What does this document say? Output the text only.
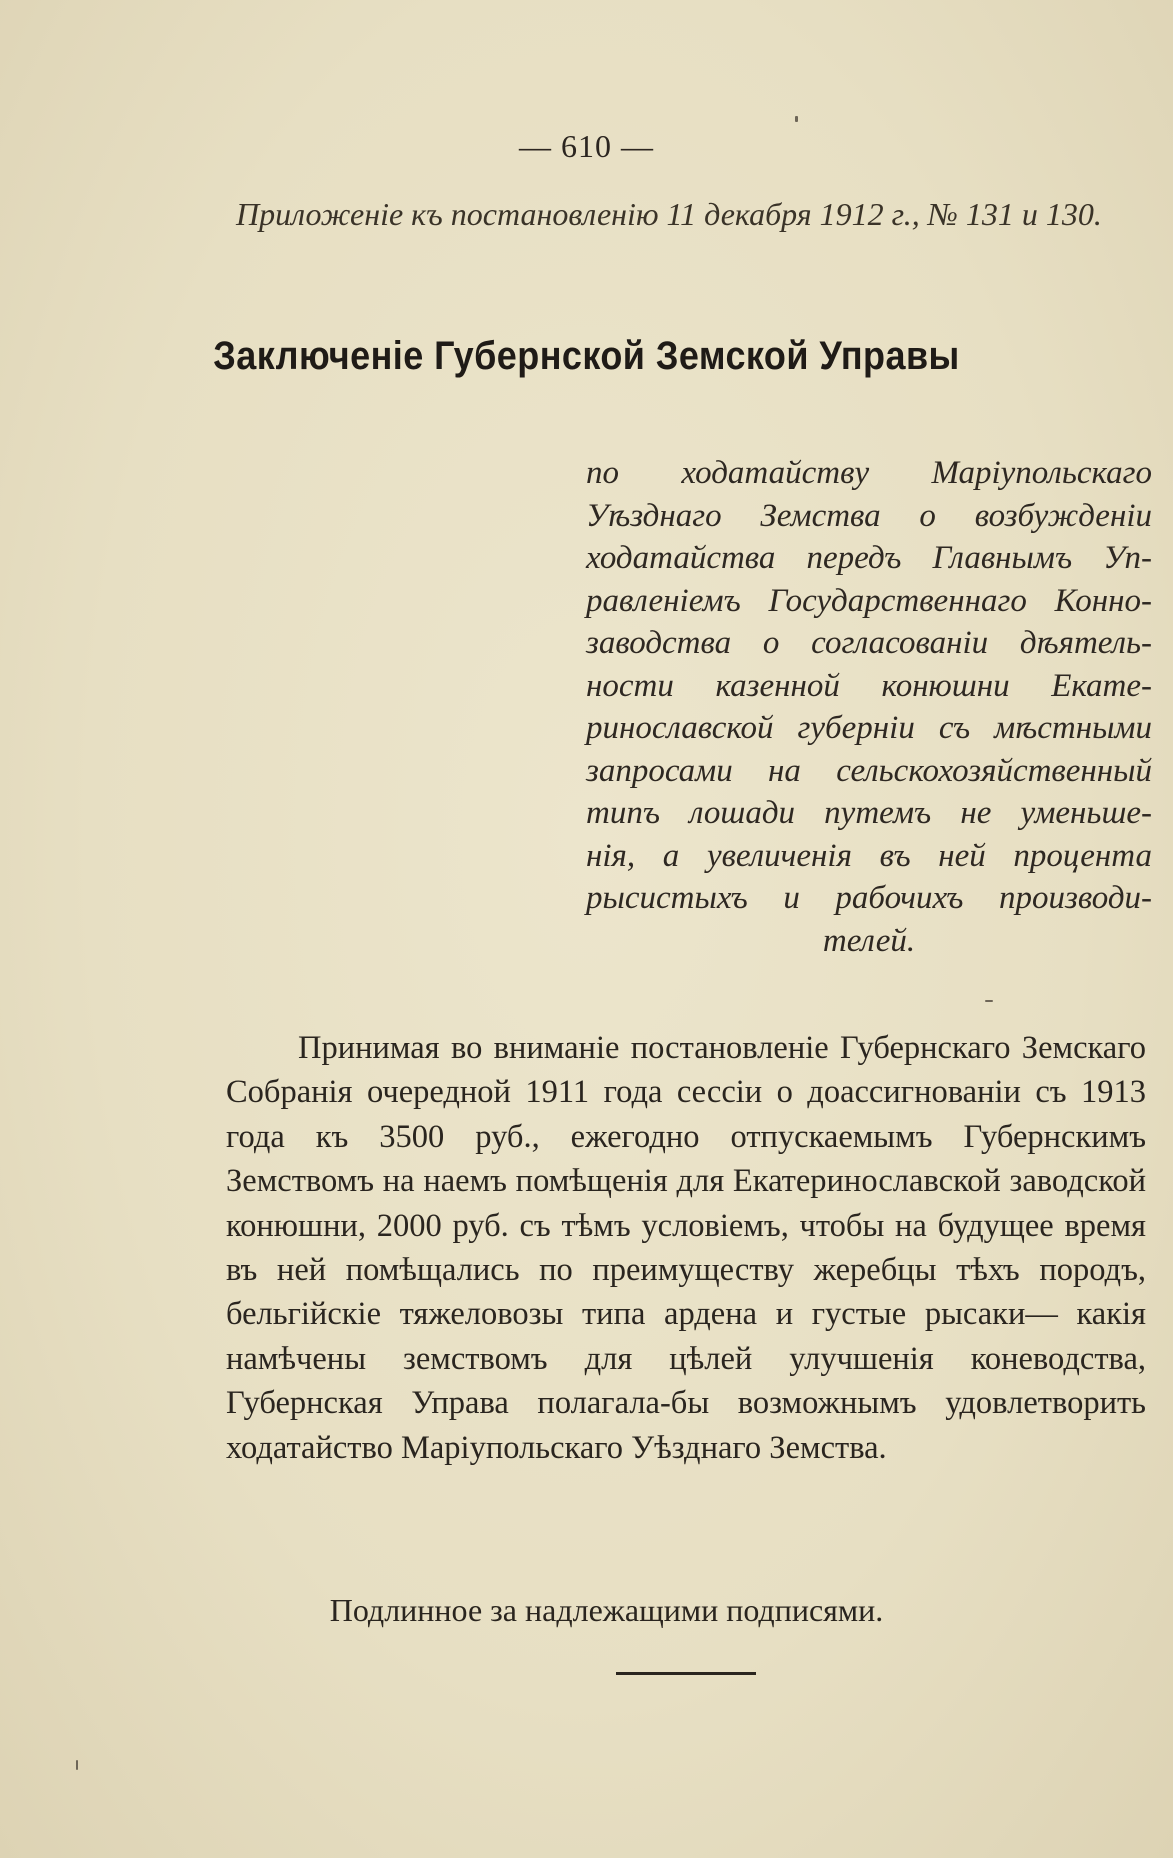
— 610 —
Приложенiе къ постановленiю 11 декабря 1912 г., № 131 и 130.
Заключенiе Губернской Земской Управы
по ходатайству Марiупольскаго
Уѣзднаго Земства о возбужденiи
ходатайства передъ Главнымъ Уп-
равленiемъ Государственнаго Конно-
заводства о согласованiи дѣятель-
ности казенной конюшни Екате-
ринославской губернiи съ мѣстными
запросами на сельскохозяйственный
типъ лошади путемъ не уменьше-
нiя, а увеличенiя въ ней процента
рысистыхъ и рабочихъ производи-
телей.
Принимая во вниманiе постановленiе Губернскаго Земскаго Собранiя очередной 1911 года сессiи о доассигнованiи съ 1913 года къ 3500 руб., ежегодно отпускаемымъ Губернскимъ Земствомъ на наемъ помѣщенiя для Екатеринославской заводской конюшни, 2000 руб. съ тѣмъ условiемъ, чтобы на будущее время въ ней помѣщались по преимуществу жеребцы тѣхъ породъ, бельгiйскiе тяжеловозы типа ардена и густые рысаки— какiя намѣчены земствомъ для цѣлей улучшенiя коневодства, Губернская Управа полагала-бы возможнымъ удовлетворить ходатайство Марiупольскаго Уѣзднаго Земства.
Подлинное за надлежащими подписями.
